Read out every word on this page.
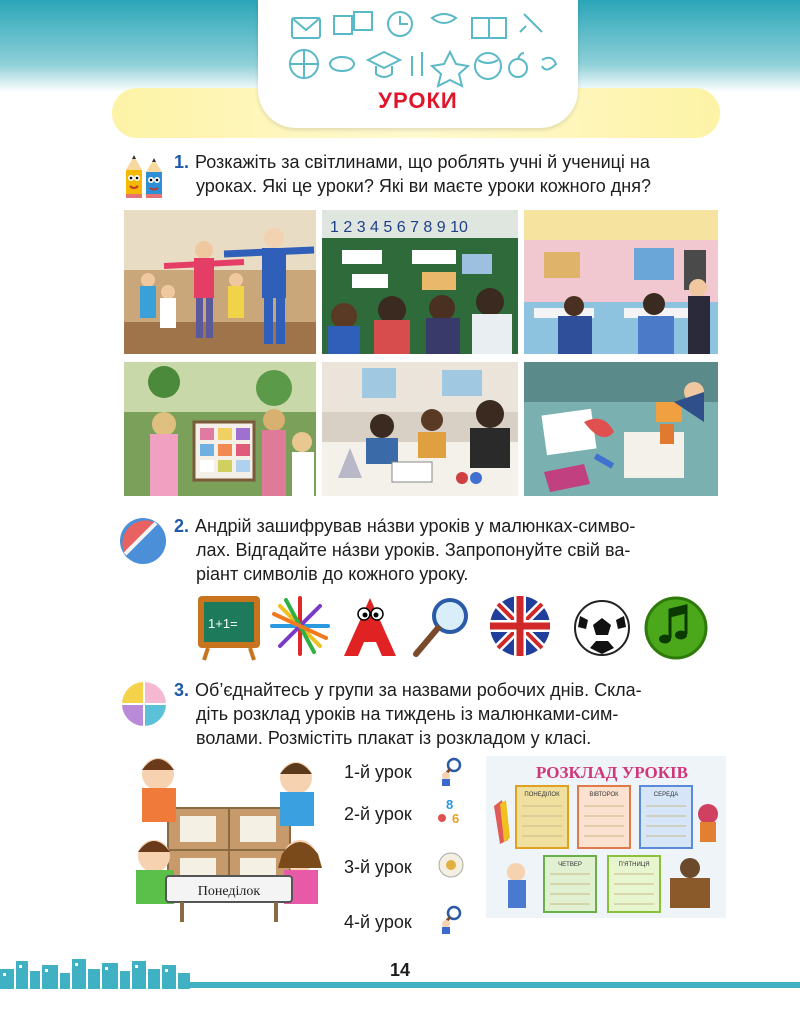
УРОКИ
1. Розкажіть за світлинами, що роблять учні й учениці на
уроках. Які це уроки? Які ви маєте уроки кожного дня?
1 2 3 4 5 6 7 8 9 10
2. Андрій зашифрував нáзви уроків у малюнках-симво-
лах. Відгадайте нáзви уроків. Запропонуйте свій ва-
ріант символів до кожного уроку.
1+1=
3. Об’єднайтесь у групи за назвами робочих днів. Скла-
діть розклад уроків на тиждень із малюнками-сим-
волами. Розмістіть плакат із розкладом у класі.
Понеділок
1-й урок
2-й урок
3-й урок
4-й урок
8
6
РОЗКЛАД УРОКІВ
ПОНЕДІЛОК	ВІВТОРОК	СЕРЕДА
ЧЕТВЕР	П’ЯТНИЦЯ
14
